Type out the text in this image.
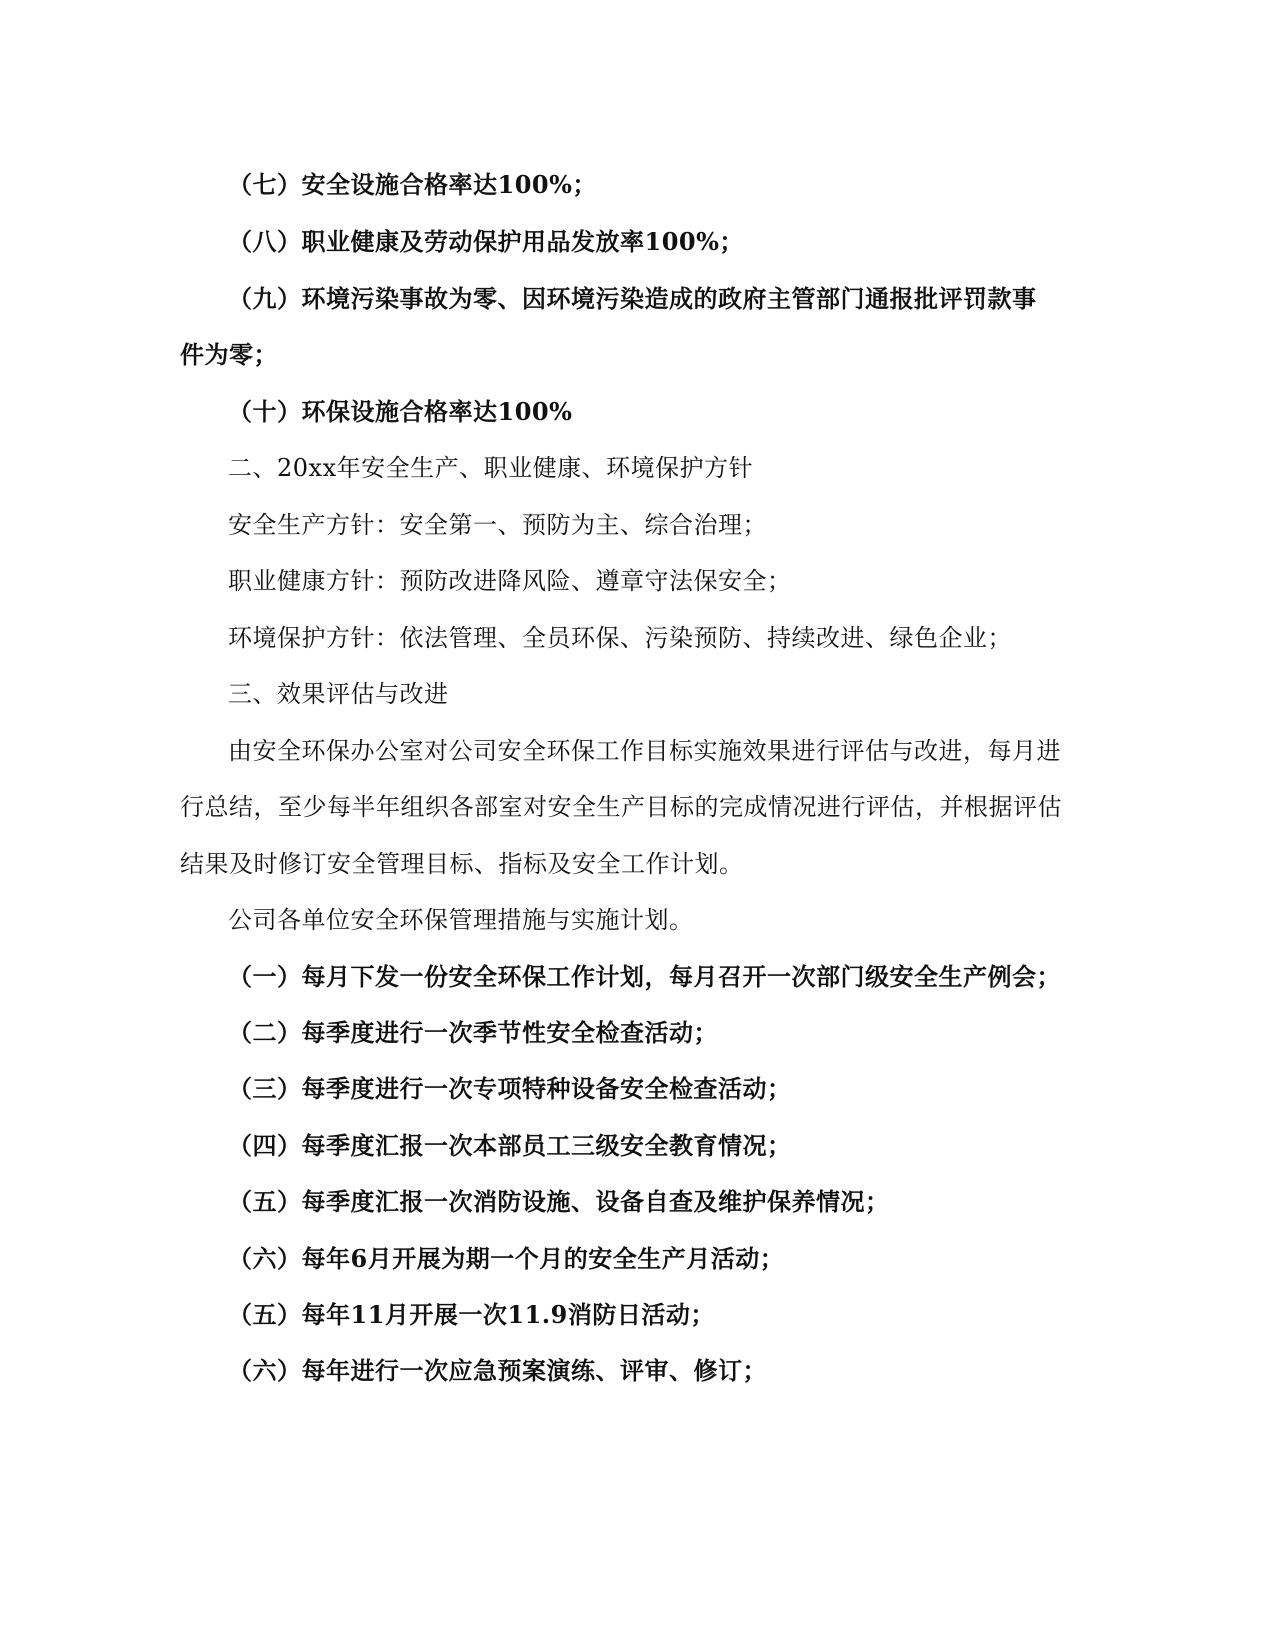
（七）安全设施合格率达100%；
（八）职业健康及劳动保护用品发放率100%；
（九）环境污染事故为零、因环境污染造成的政府主管部门通报批评罚款事
件为零；
（十）环保设施合格率达100%
二、20xx年安全生产、职业健康、环境保护方针
安全生产方针：安全第一、预防为主、综合治理；
职业健康方针：预防改进降风险、遵章守法保安全；
环境保护方针：依法管理、全员环保、污染预防、持续改进、绿色企业；
三、效果评估与改进
由安全环保办公室对公司安全环保工作目标实施效果进行评估与改进，每月进
行总结，至少每半年组织各部室对安全生产目标的完成情况进行评估，并根据评估
结果及时修订安全管理目标、指标及安全工作计划。
公司各单位安全环保管理措施与实施计划。
（一）每月下发一份安全环保工作计划，每月召开一次部门级安全生产例会；
（二）每季度进行一次季节性安全检查活动；
（三）每季度进行一次专项特种设备安全检查活动；
（四）每季度汇报一次本部员工三级安全教育情况；
（五）每季度汇报一次消防设施、设备自查及维护保养情况；
（六）每年6月开展为期一个月的安全生产月活动；
（五）每年11月开展一次11.9消防日活动；
（六）每年进行一次应急预案演练、评审、修订；
